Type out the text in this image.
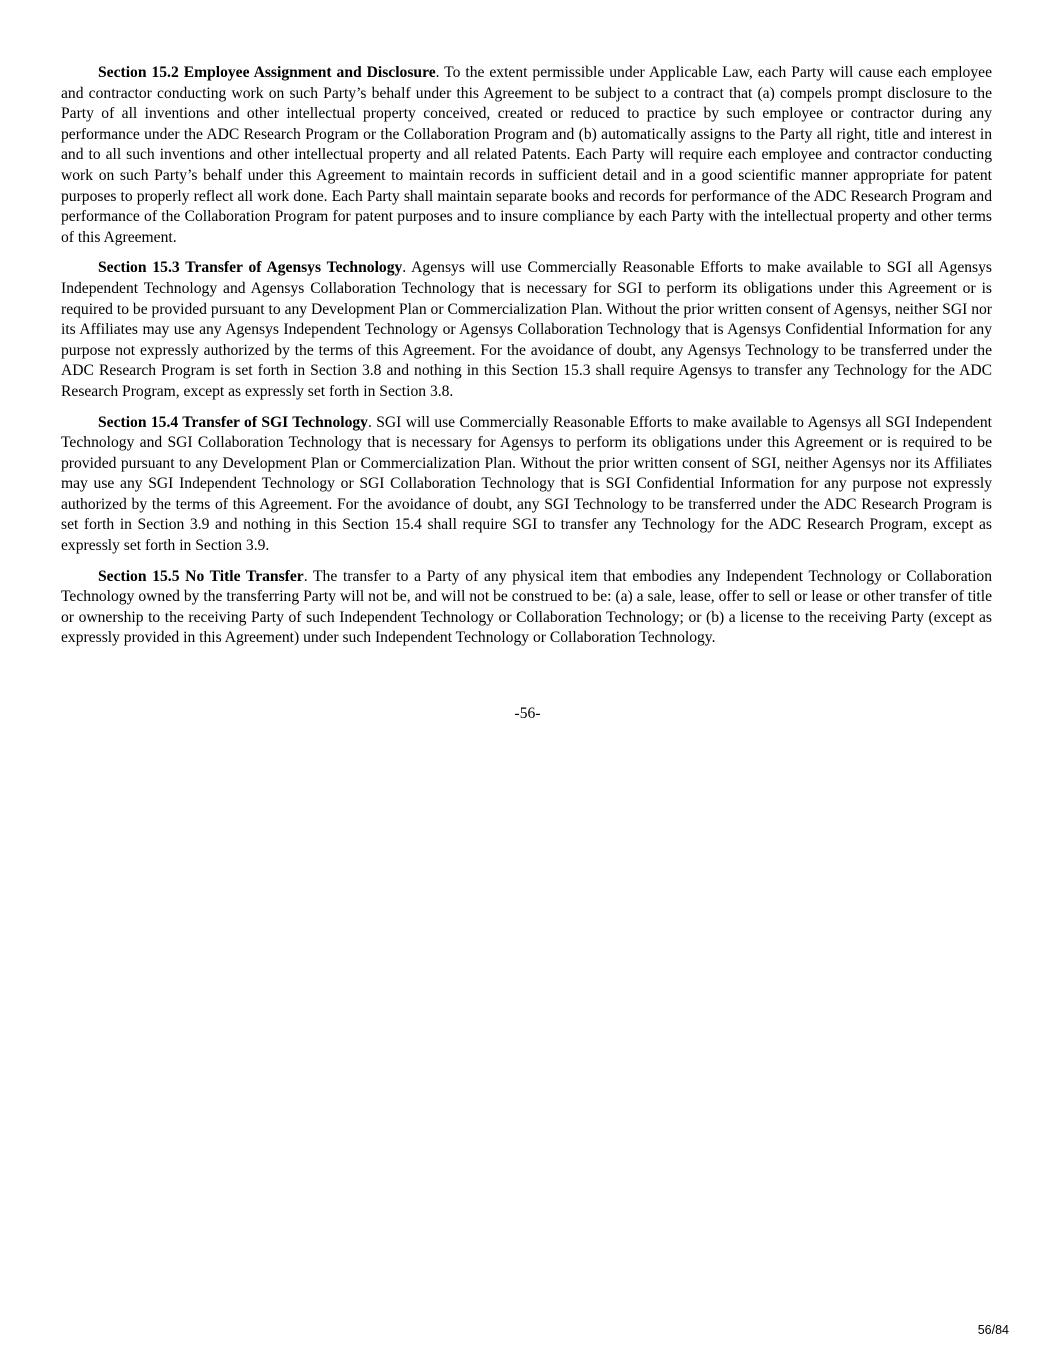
Section 15.2 Employee Assignment and Disclosure. To the extent permissible under Applicable Law, each Party will cause each employee and contractor conducting work on such Party’s behalf under this Agreement to be subject to a contract that (a) compels prompt disclosure to the Party of all inventions and other intellectual property conceived, created or reduced to practice by such employee or contractor during any performance under the ADC Research Program or the Collaboration Program and (b) automatically assigns to the Party all right, title and interest in and to all such inventions and other intellectual property and all related Patents. Each Party will require each employee and contractor conducting work on such Party’s behalf under this Agreement to maintain records in sufficient detail and in a good scientific manner appropriate for patent purposes to properly reflect all work done. Each Party shall maintain separate books and records for performance of the ADC Research Program and performance of the Collaboration Program for patent purposes and to insure compliance by each Party with the intellectual property and other terms of this Agreement.

Section 15.3 Transfer of Agensys Technology. Agensys will use Commercially Reasonable Efforts to make available to SGI all Agensys Independent Technology and Agensys Collaboration Technology that is necessary for SGI to perform its obligations under this Agreement or is required to be provided pursuant to any Development Plan or Commercialization Plan. Without the prior written consent of Agensys, neither SGI nor its Affiliates may use any Agensys Independent Technology or Agensys Collaboration Technology that is Agensys Confidential Information for any purpose not expressly authorized by the terms of this Agreement. For the avoidance of doubt, any Agensys Technology to be transferred under the ADC Research Program is set forth in Section 3.8 and nothing in this Section 15.3 shall require Agensys to transfer any Technology for the ADC Research Program, except as expressly set forth in Section 3.8.

Section 15.4 Transfer of SGI Technology. SGI will use Commercially Reasonable Efforts to make available to Agensys all SGI Independent Technology and SGI Collaboration Technology that is necessary for Agensys to perform its obligations under this Agreement or is required to be provided pursuant to any Development Plan or Commercialization Plan. Without the prior written consent of SGI, neither Agensys nor its Affiliates may use any SGI Independent Technology or SGI Collaboration Technology that is SGI Confidential Information for any purpose not expressly authorized by the terms of this Agreement. For the avoidance of doubt, any SGI Technology to be transferred under the ADC Research Program is set forth in Section 3.9 and nothing in this Section 15.4 shall require SGI to transfer any Technology for the ADC Research Program, except as expressly set forth in Section 3.9.

Section 15.5 No Title Transfer. The transfer to a Party of any physical item that embodies any Independent Technology or Collaboration Technology owned by the transferring Party will not be, and will not be construed to be: (a) a sale, lease, offer to sell or lease or other transfer of title or ownership to the receiving Party of such Independent Technology or Collaboration Technology; or (b) a license to the receiving Party (except as expressly provided in this Agreement) under such Independent Technology or Collaboration Technology.

-56-
56/84
